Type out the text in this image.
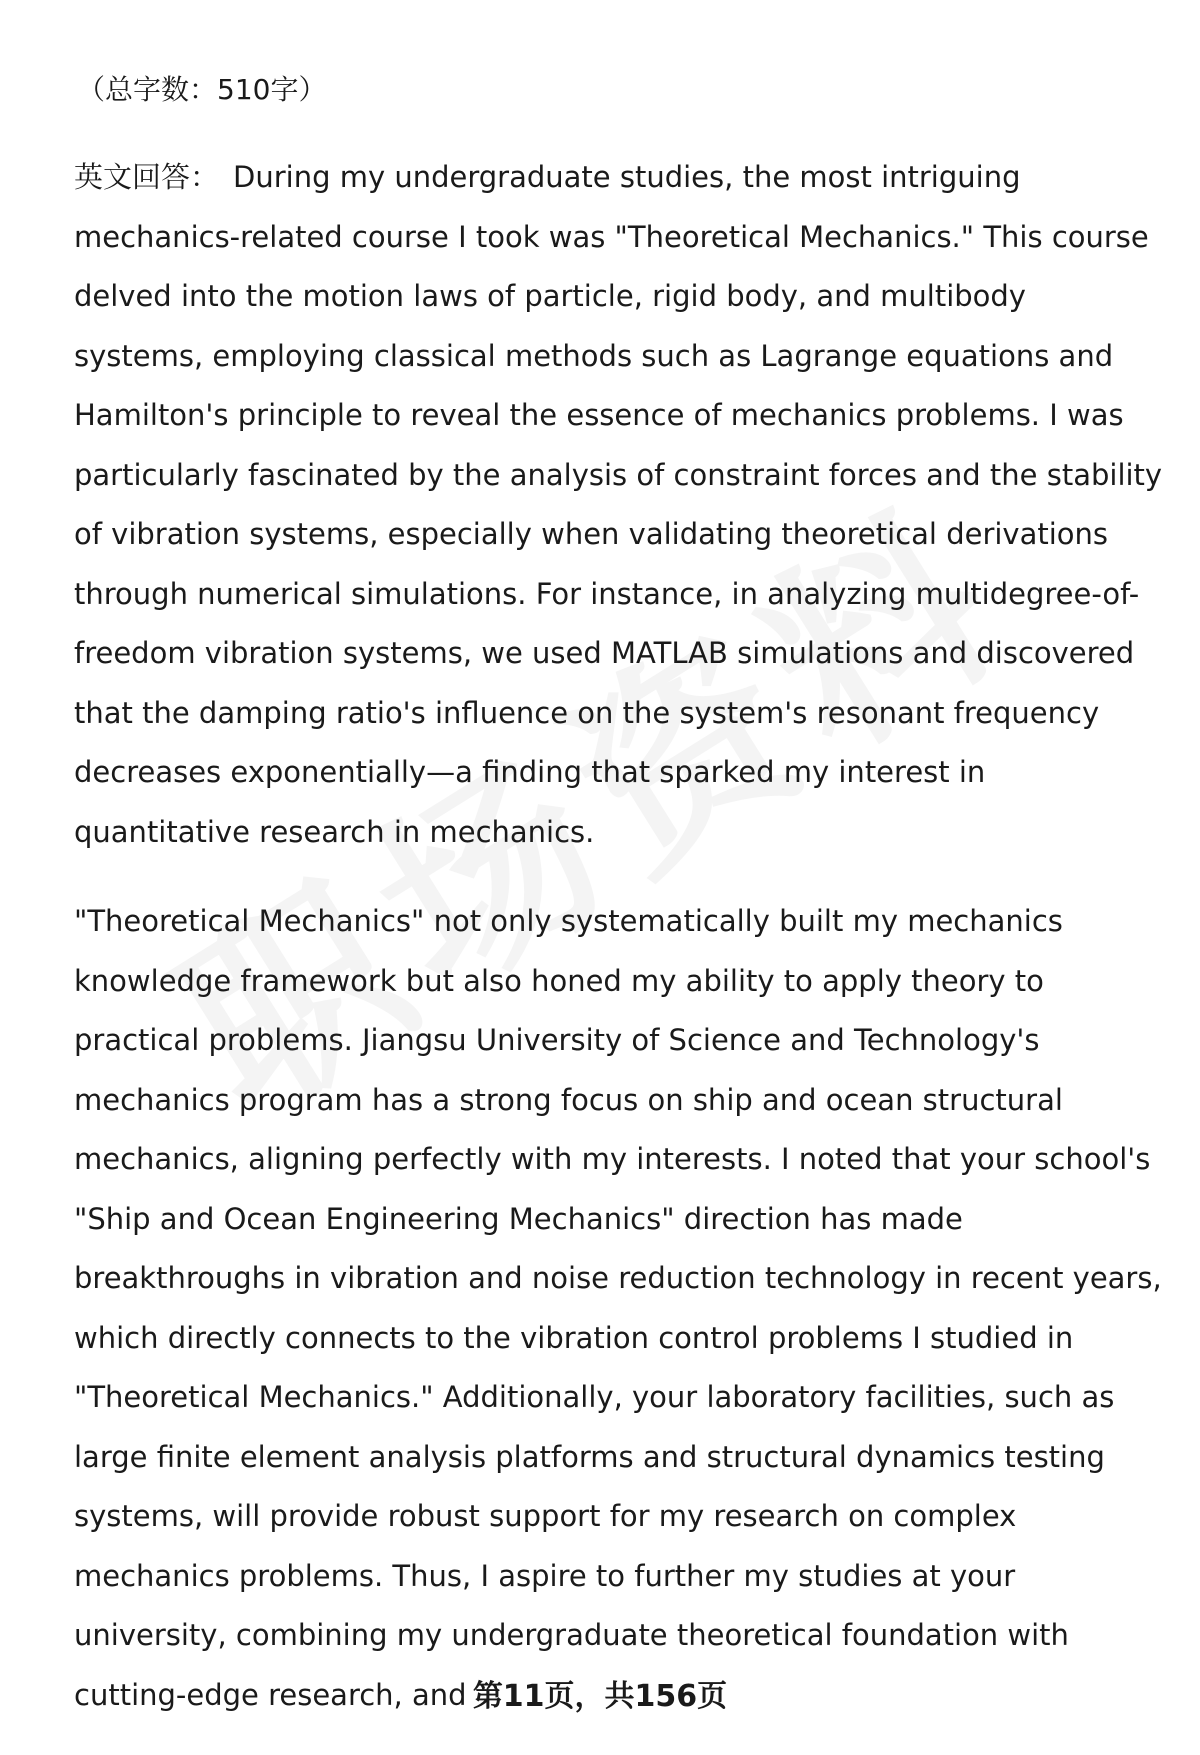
（总字数：510字）

英文回答： During my undergraduate studies, the most intriguing mechanics-related course I took was "Theoretical Mechanics." This course delved into the motion laws of particle, rigid body, and multibody systems, employing classical methods such as Lagrange equations and Hamilton's principle to reveal the essence of mechanics problems. I was particularly fascinated by the analysis of constraint forces and the stability of vibration systems, especially when validating theoretical derivations through numerical simulations. For instance, in analyzing multidegree-of-freedom vibration systems, we used MATLAB simulations and discovered that the damping ratio's influence on the system's resonant frequency decreases exponentially—a finding that sparked my interest in quantitative research in mechanics.

"Theoretical Mechanics" not only systematically built my mechanics knowledge framework but also honed my ability to apply theory to practical problems. Jiangsu University of Science and Technology's mechanics program has a strong focus on ship and ocean structural mechanics, aligning perfectly with my interests. I noted that your school's "Ship and Ocean Engineering Mechanics" direction has made breakthroughs in vibration and noise reduction technology in recent years, which directly connects to the vibration control problems I studied in "Theoretical Mechanics." Additionally, your laboratory facilities, such as large finite element analysis platforms and structural dynamics testing systems, will provide robust support for my research on complex mechanics problems. Thus, I aspire to further my studies at your university, combining my undergraduate theoretical foundation with cutting-edge research, and 第11页，共156页
